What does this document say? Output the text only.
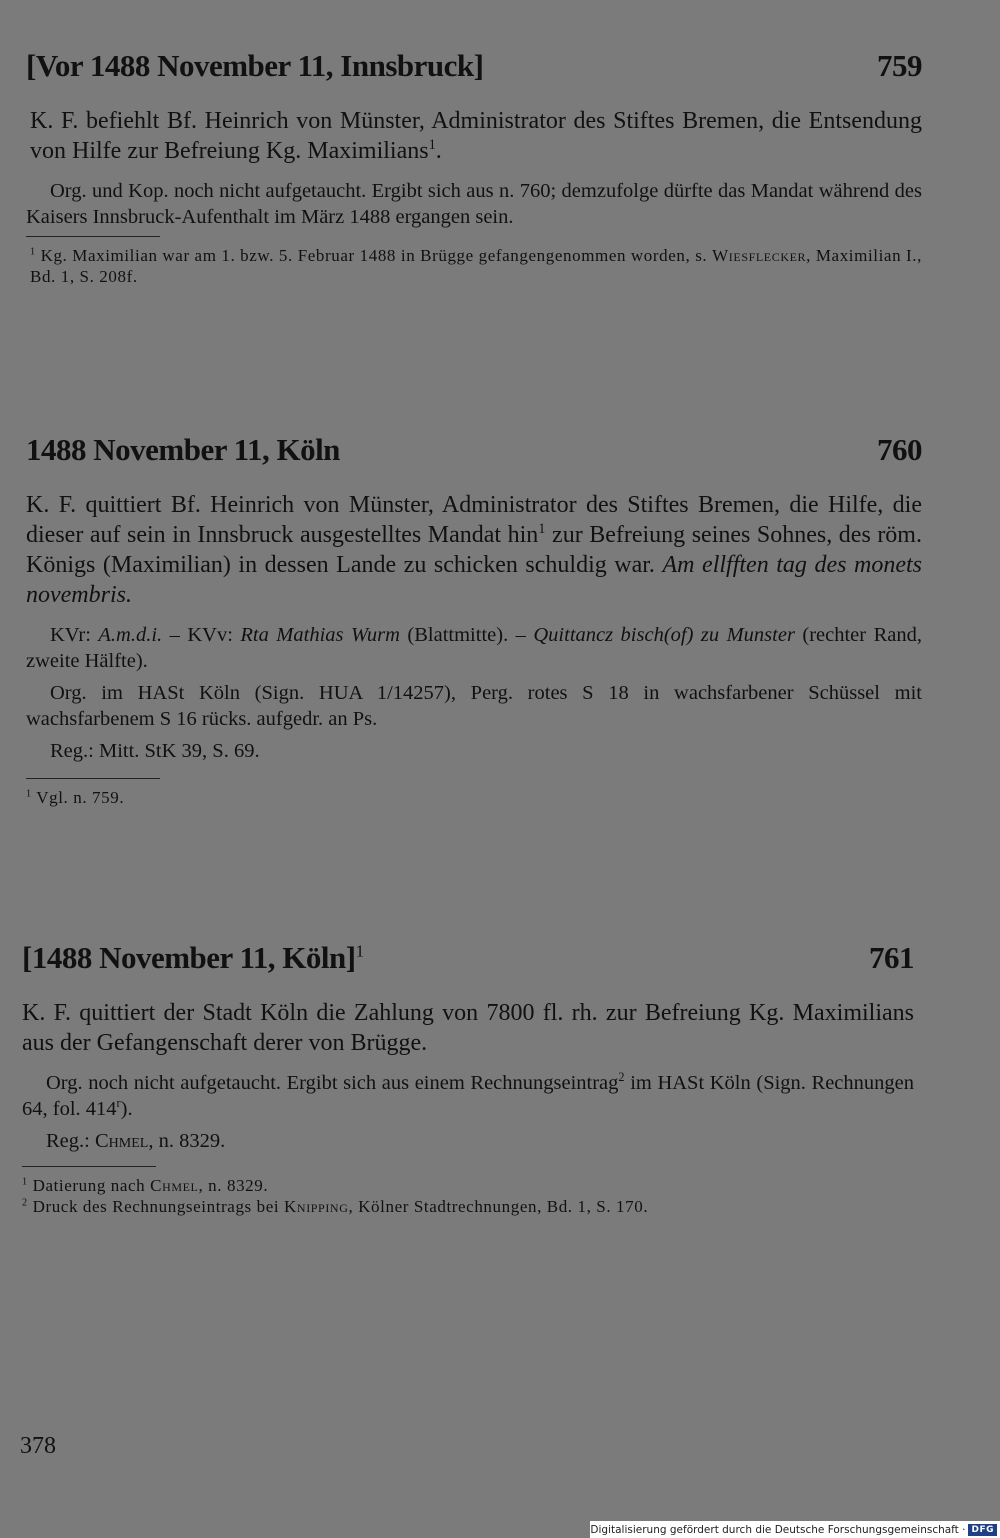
[Vor 1488 November 11, Innsbruck]	759

K. F. befiehlt Bf. Heinrich von Münster, Administrator des Stiftes Bremen, die Entsendung von Hilfe zur Befreiung Kg. Maximilians$^1$.

Org. und Kop. noch nicht aufgetaucht. Ergibt sich aus n. 760; demzufolge dürfte das Mandat während des Kaisers Innsbruck-Aufenthalt im März 1488 ergangen sein.

$^1$ Kg. Maximilian war am 1. bzw. 5. Februar 1488 in Brügge gefangengenommen worden, s. Wiesflecker, Maximilian I., Bd. 1, S. 208f.
1488 November 11, Köln	760

K. F. quittiert Bf. Heinrich von Münster, Administrator des Stiftes Bremen, die Hilfe, die dieser auf sein in Innsbruck ausgestelltes Mandat hin$^1$ zur Befreiung seines Sohnes, des röm. Königs (Maximilian) in dessen Lande zu schicken schuldig war. Am ellfften tag des monets novembris.

KVr: A.m.d.i. – KVv: Rta Mathias Wurm (Blattmitte). – Quittancz bisch(of) zu Munster (rechter Rand, zweite Hälfte).

Org. im HASt Köln (Sign. HUA 1/14257), Perg. rotes S 18 in wachsfarbener Schüssel mit wachsfarbenem S 16 rücks. aufgedr. an Ps.

Reg.: Mitt. StK 39, S. 69.

$^1$ Vgl. n. 759.
[1488 November 11, Köln]$^1$	761

K. F. quittiert der Stadt Köln die Zahlung von 7800 fl. rh. zur Befreiung Kg. Maximilians aus der Gefangenschaft derer von Brügge.

Org. noch nicht aufgetaucht. Ergibt sich aus einem Rechnungseintrag$^2$ im HASt Köln (Sign. Rechnungen 64, fol. 414$^r$).

Reg.: Chmel, n. 8329.

$^1$ Datierung nach Chmel, n. 8329.
$^2$ Druck des Rechnungseintrags bei Knipping, Kölner Stadtrechnungen, Bd. 1, S. 170.
378
Digitalisierung gefördert durch die Deutsche Forschungsgemeinschaft · DFG
